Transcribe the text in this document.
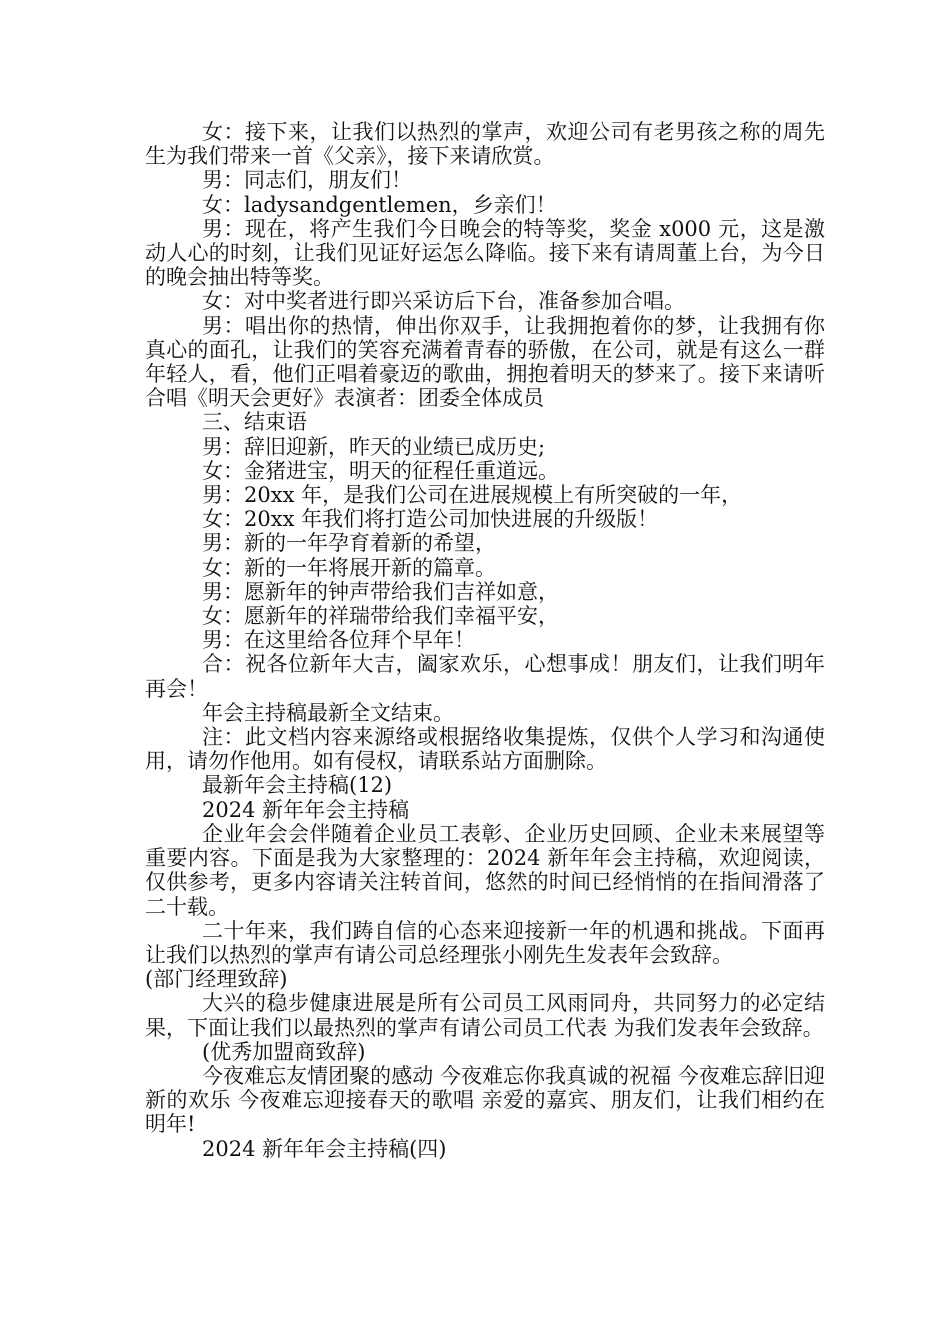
女：接下来，让我们以热烈的掌声，欢迎公司有老男孩之称的周先生为我们带来一首《父亲》，接下来请欣赏。

男：同志们，朋友们！

女：ladysandgentlemen，乡亲们！

男：现在，将产生我们今日晚会的特等奖，奖金 x000 元，这是激动人心的时刻，让我们见证好运怎么降临。接下来有请周董上台，为今日的晚会抽出特等奖。

女：对中奖者进行即兴采访后下台，准备参加合唱。

男：唱出你的热情，伸出你双手，让我拥抱着你的梦，让我拥有你真心的面孔，让我们的笑容充满着青春的骄傲，在公司，就是有这么一群年轻人，看，他们正唱着豪迈的歌曲，拥抱着明天的梦来了。接下来请听合唱《明天会更好》表演者：团委全体成员

三、结束语

男：辞旧迎新，昨天的业绩已成历史;

女：金猪进宝，明天的征程任重道远。

男：20xx 年，是我们公司在进展规模上有所突破的一年，

女：20xx 年我们将打造公司加快进展的升级版！

男：新的一年孕育着新的希望，

女：新的一年将展开新的篇章。

男：愿新年的钟声带给我们吉祥如意，

女：愿新年的祥瑞带给我们幸福平安，

男：在这里给各位拜个早年！

合：祝各位新年大吉，阖家欢乐，心想事成！朋友们，让我们明年再会！

年会主持稿最新全文结束。

注：此文档内容来源络或根据络收集提炼，仅供个人学习和沟通使用，请勿作他用。如有侵权，请联系站方面删除。

最新年会主持稿(12)

2024 新年年会主持稿

企业年会会伴随着企业员工表彰、企业历史回顾、企业未来展望等重要内容。下面是我为大家整理的：2024 新年年会主持稿，欢迎阅读，仅供参考，更多内容请关注转首间，悠然的时间已经悄悄的在指间滑落了二十载。

二十年来，我们踌自信的心态来迎接新一年的机遇和挑战。下面再让我们以热烈的掌声有请公司总经理张小刚先生发表年会致辞。

(部门经理致辞)

大兴的稳步健康进展是所有公司员工风雨同舟，共同努力的必定结果，下面让我们以最热烈的掌声有请公司员工代表 为我们发表年会致辞。

(优秀加盟商致辞)

今夜难忘友情团聚的感动 今夜难忘你我真诚的祝福 今夜难忘辞旧迎新的欢乐 今夜难忘迎接春天的歌唱 亲爱的嘉宾、朋友们，让我们相约在明年!

2024 新年年会主持稿(四)
